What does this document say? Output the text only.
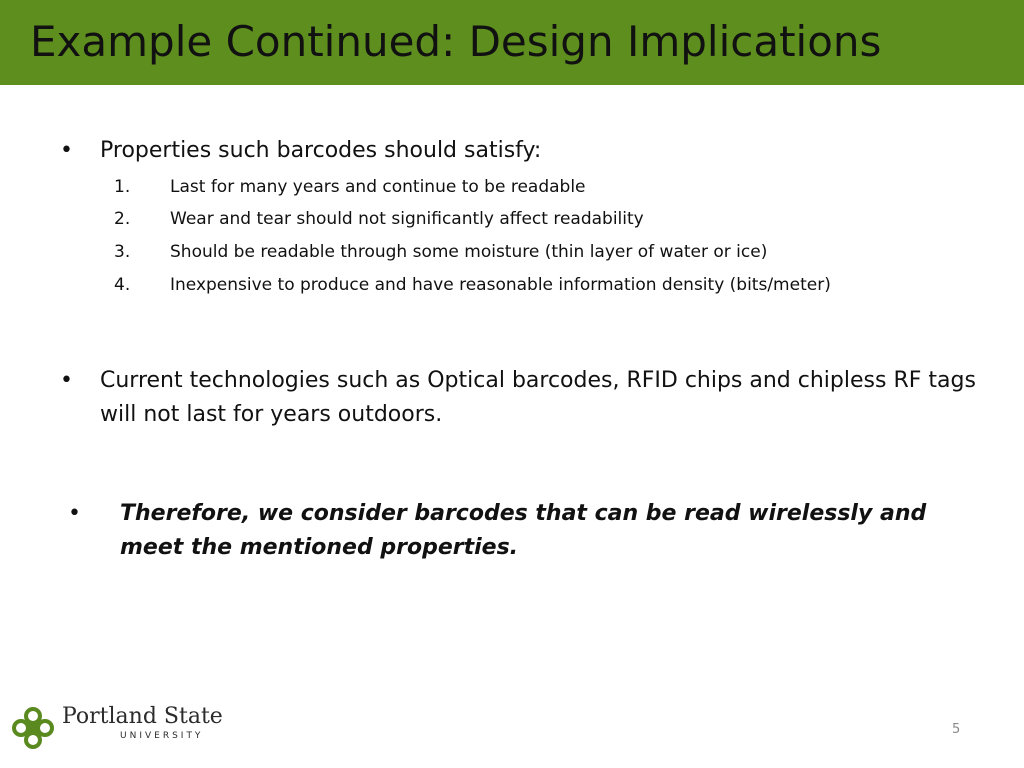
Example Continued: Design Implications
• Properties such barcodes should satisfy:
1. Last for many years and continue to be readable
2. Wear and tear should not significantly affect readability
3. Should be readable through some moisture (thin layer of water or ice)
4. Inexpensive to produce and have reasonable information density (bits/meter)
• Current technologies such as Optical barcodes, RFID chips and chipless RF tags will not last for years outdoors.
• Therefore, we consider barcodes that can be read wirelessly and meet the mentioned properties.
Portland State
UNIVERSITY	5
